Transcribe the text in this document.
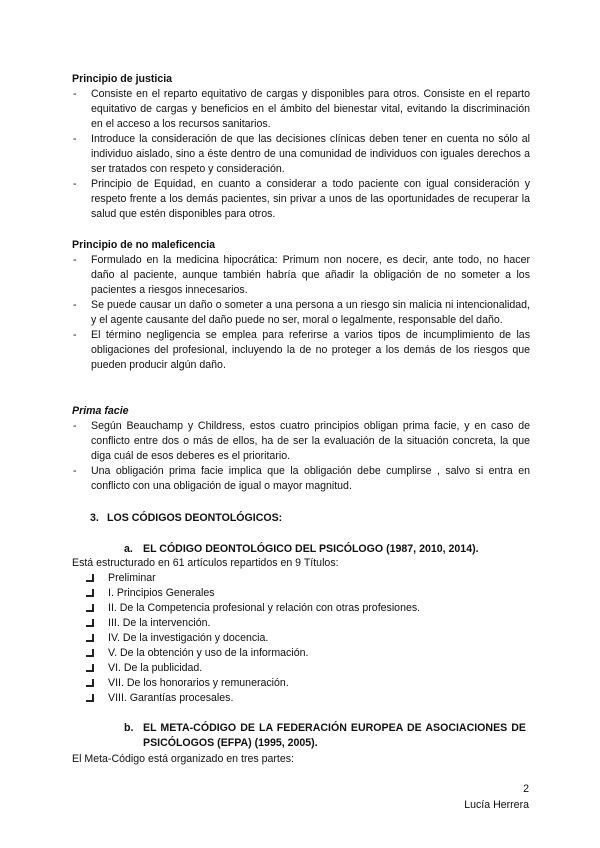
Principio de justicia

- Consiste en el reparto equitativo de cargas y disponibles para otros. Consiste en el reparto equitativo de cargas y beneficios en el ámbito del bienestar vital, evitando la discriminación en el acceso a los recursos sanitarios.
- Introduce la consideración de que las decisiones clínicas deben tener en cuenta no sólo al individuo aislado, sino a éste dentro de una comunidad de individuos con iguales derechos a ser tratados con respeto y consideración.
- Principio de Equidad, en cuanto a considerar a todo paciente con igual consideración y respeto frente a los demás pacientes, sin privar a unos de las oportunidades de recuperar la salud que estén disponibles para otros.

Principio de no maleficencia

- Formulado en la medicina hipocrática: Primum non nocere, es decir, ante todo, no hacer daño al paciente, aunque también habría que añadir la obligación de no someter a los pacientes a riesgos innecesarios.
- Se puede causar un daño o someter a una persona a un riesgo sin malicia ni intencionalidad, y el agente causante del daño puede no ser, moral o legalmente, responsable del daño.
- El término negligencia se emplea para referirse a varios tipos de incumplimiento de las obligaciones del profesional, incluyendo la de no proteger a los demás de los riesgos que pueden producir algún daño.

Prima facie

- Según Beauchamp y Childress, estos cuatro principios obligan prima facie, y en caso de conflicto entre dos o más de ellos, ha de ser la evaluación de la situación concreta, la que diga cuál de esos deberes es el prioritario.
- Una obligación prima facie implica que la obligación debe cumplirse , salvo si entra en conflicto con una obligación de igual o mayor magnitud.
3. LOS CÓDIGOS DEONTOLÓGICOS:
a. EL CÓDIGO DEONTOLÓGICO DEL PSICÓLOGO (1987, 2010, 2014).
Está estructurado en 61 artículos repartidos en 9 Títulos:
Preliminar
I. Principios Generales
II. De la Competencia profesional y relación con otras profesiones.
III. De la intervención.
IV. De la investigación y docencia.
V. De la obtención y uso de la información.
VI. De la publicidad.
VII. De los honorarios y remuneración.
VIII. Garantías procesales.
b. EL META-CÓDIGO DE LA FEDERACIÓN EUROPEA DE ASOCIACIONES DE PSICÓLOGOS (EFPA) (1995, 2005).
El Meta-Código está organizado en tres partes:
2
Lucía Herrera
